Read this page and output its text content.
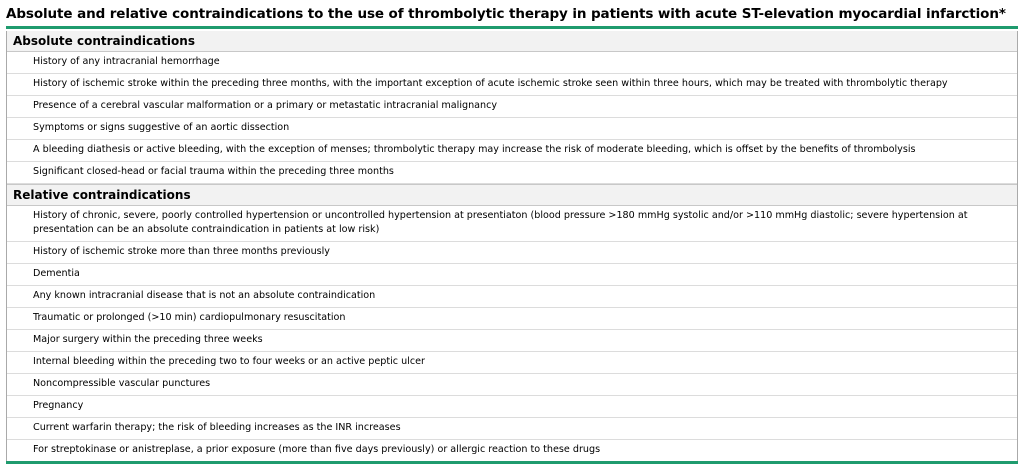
Absolute and relative contraindications to the use of thrombolytic therapy in patients with acute ST-elevation myocardial infarction*
Absolute contraindications
History of any intracranial hemorrhage
History of ischemic stroke within the preceding three months, with the important exception of acute ischemic stroke seen within three hours, which may be treated with thrombolytic therapy
Presence of a cerebral vascular malformation or a primary or metastatic intracranial malignancy
Symptoms or signs suggestive of an aortic dissection
A bleeding diathesis or active bleeding, with the exception of menses; thrombolytic therapy may increase the risk of moderate bleeding, which is offset by the benefits of thrombolysis
Significant closed-head or facial trauma within the preceding three months
Relative contraindications
History of chronic, severe, poorly controlled hypertension or uncontrolled hypertension at presentiaton (blood pressure >180 mmHg systolic and/or >110 mmHg diastolic; severe hypertension at presentation can be an absolute contraindication in patients at low risk)
History of ischemic stroke more than three months previously
Dementia
Any known intracranial disease that is not an absolute contraindication
Traumatic or prolonged (>10 min) cardiopulmonary resuscitation
Major surgery within the preceding three weeks
Internal bleeding within the preceding two to four weeks or an active peptic ulcer
Noncompressible vascular punctures
Pregnancy
Current warfarin therapy; the risk of bleeding increases as the INR increases
For streptokinase or anistreplase, a prior exposure (more than five days previously) or allergic reaction to these drugs
